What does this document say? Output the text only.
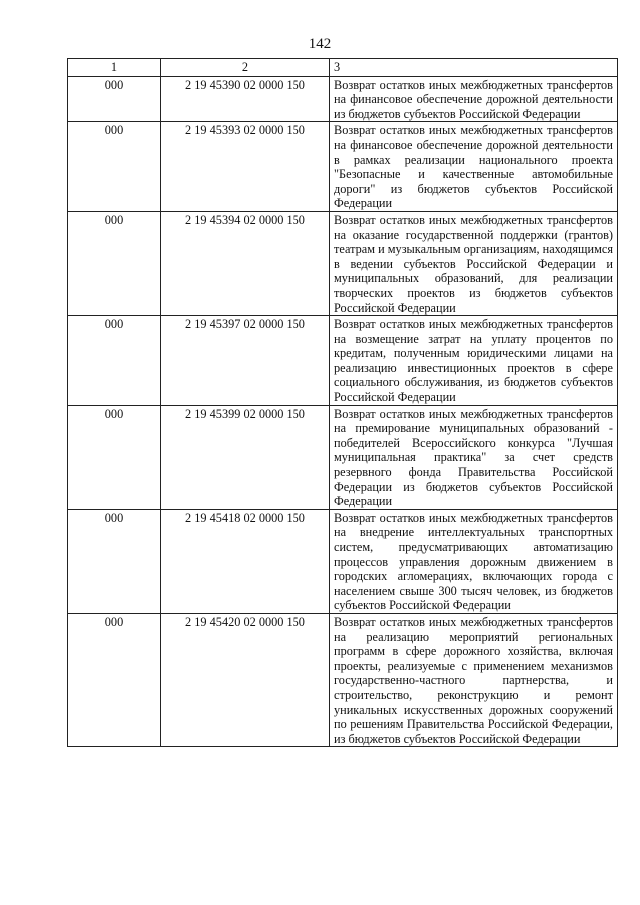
142
1	2	3
000	2 19 45390 02 0000 150	Возврат остатков иных межбюджетных трансфертов на финансовое обеспечение дорожной деятельности из бюджетов субъектов Российской Федерации
000	2 19 45393 02 0000 150	Возврат остатков иных межбюджетных трансфертов на финансовое обеспечение дорожной деятельности в рамках реализации национального проекта "Безопасные и качественные автомобильные дороги" из бюджетов субъектов Российской Федерации
000	2 19 45394 02 0000 150	Возврат остатков иных межбюджетных трансфертов на оказание государственной поддержки (грантов) театрам и музыкальным организациям, находящимся в ведении субъектов Российской Федерации и муниципальных образований, для реализации творческих проектов из бюджетов субъектов Российской Федерации
000	2 19 45397 02 0000 150	Возврат остатков иных межбюджетных трансфертов на возмещение затрат на уплату процентов по кредитам, полученным юридическими лицами на реализацию инвестиционных проектов в сфере социального обслуживания, из бюджетов субъектов Российской Федерации
000	2 19 45399 02 0000 150	Возврат остатков иных межбюджетных трансфертов на премирование муниципальных образований - победителей Всероссийского конкурса "Лучшая муниципальная практика" за счет средств резервного фонда Правительства Российской Федерации из бюджетов субъектов Российской Федерации
000	2 19 45418 02 0000 150	Возврат остатков иных межбюджетных трансфертов на внедрение интеллектуальных транспортных систем, предусматривающих автоматизацию процессов управления дорожным движением в городских агломерациях, включающих города с населением свыше 300 тысяч человек, из бюджетов субъектов Российской Федерации
000	2 19 45420 02 0000 150	Возврат остатков иных межбюджетных трансфертов на реализацию мероприятий региональных программ в сфере дорожного хозяйства, включая проекты, реализуемые с применением механизмов государственно-частного партнерства, и строительство, реконструкцию и ремонт уникальных искусственных дорожных сооружений по решениям Правительства Российской Федерации, из бюджетов субъектов Российской Федерации
